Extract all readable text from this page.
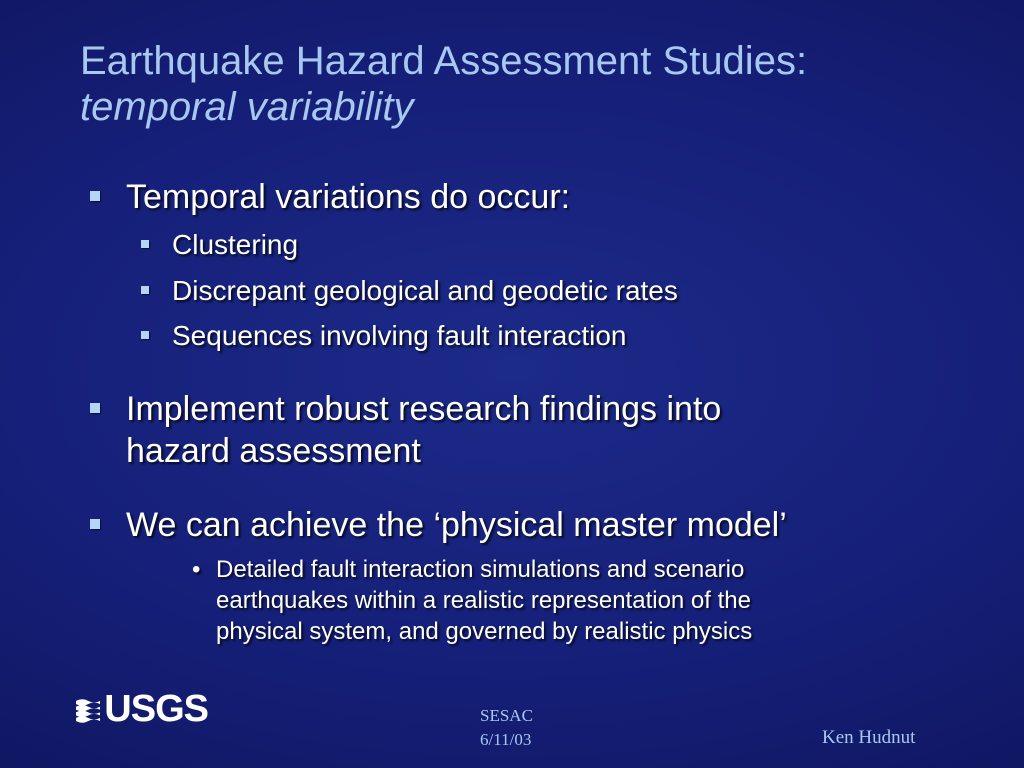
Earthquake Hazard Assessment Studies:
temporal variability
Temporal variations do occur:
Clustering
Discrepant geological and geodetic rates
Sequences involving fault interaction
Implement robust research findings into
hazard assessment
We can achieve the ‘physical master model’
• Detailed fault interaction simulations and scenario
earthquakes within a realistic representation of the
physical system, and governed by realistic physics
USGS	SESAC
6/11/03	Ken Hudnut
